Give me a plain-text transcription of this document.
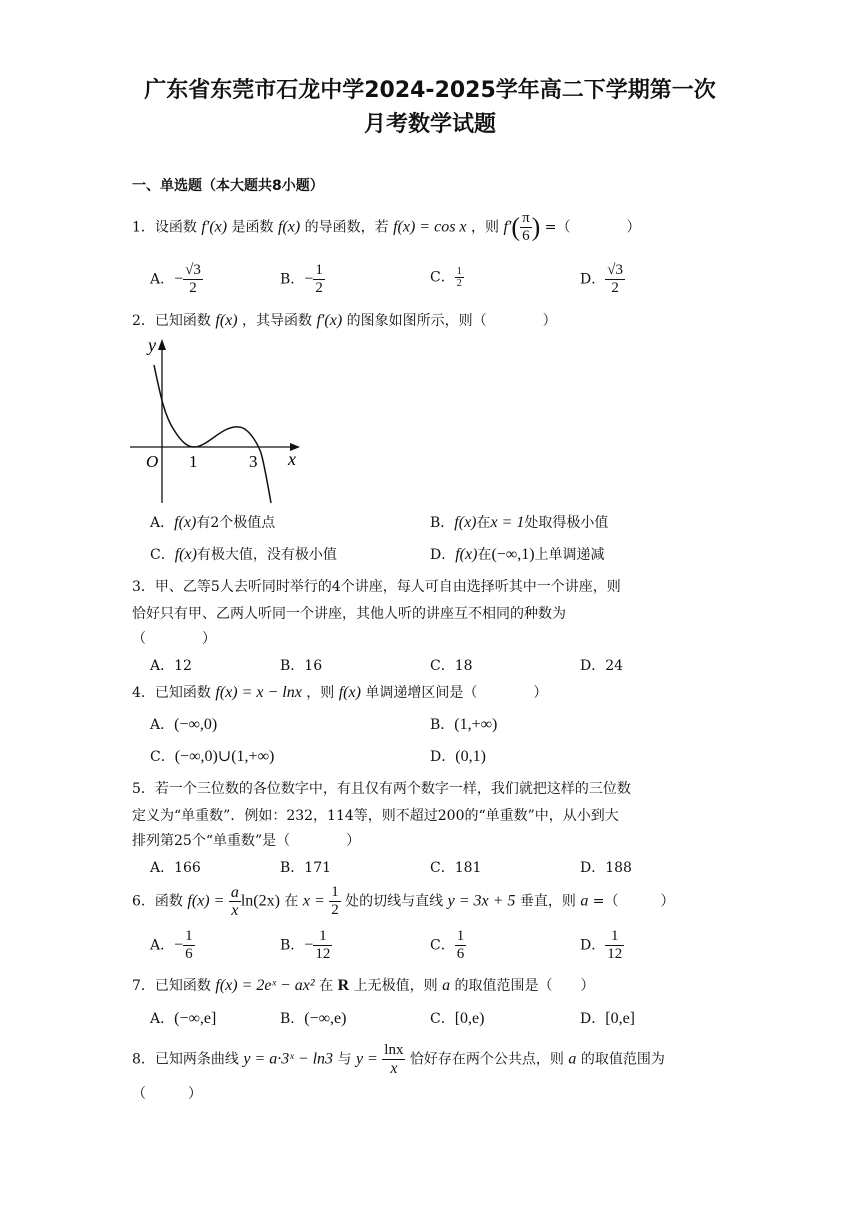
广东省东莞市石龙中学2024-2025学年高二下学期第一次
月考数学试题
一、单选题（本大题共8小题）
1．设函数 f′(x) 是函数 f(x) 的导函数，若 f(x) = cos x ，则 $f'( \frac{\pi}{6}$ ) =（　　　　）
A．− $\frac{√3}{2}$	B．− $\frac{1}{2}$	C． $\frac{1}{2}$	D． $\frac{√3}{2}$
2．已知函数 f(x) ，其导函数 f′(x) 的图象如图所示，则（　　　　）
y
x
O 1	3
A．f(x)有2个极值点	B．f(x)在x = 1处取得极小值
C．f(x)有极大值，没有极小值	D．f(x)在(−∞,1)上单调递减
3．甲、乙等5人去听同时举行的4个讲座，每人可自由选择听其中一个讲座，则
恰好只有甲、乙两人听同一个讲座，其他人听的讲座互不相同的种数为
（　　　　）
A．12	B．16	C．18	D．24
4．已知函数 f(x) = x − lnx ，则 f(x) 单调递增区间是（　　　　）
A．(−∞,0)	B．(1,+∞)
C．(−∞,0)∪(1,+∞)	D．(0,1)
5．若一个三位数的各位数字中，有且仅有两个数字一样，我们就把这样的三位数
定义为“单重数”．例如：232，114等，则不超过200的“单重数”中，从小到大
排列第25个“单重数”是（　　　　）
A．166	B．171	C．181	D．188
6．函数 $f(x) = \frac{a}{x} \ln(2x)$ 在 $x = \frac{1}{2}$ 处的切线与直线 y = 3x + 5 垂直，则 a =（　　　）
A．− $\frac{1}{6}$	B．− $\frac{1}{12}$	C． $\frac{1}{6}$	D． $\frac{1}{12}$
7．已知函数 f(x) = 2eˣ − ax² 在 R 上无极值，则 a 的取值范围是（　　）
A．(−∞,e]	B．(−∞,e)	C．[0,e)	D．[0,e]
8．已知两条曲线 y = a·3ˣ − ln3 与 $y = \frac{\ln x}{x}$ 恰好存在两个公共点，则 a 的取值范围为
（　　　）
